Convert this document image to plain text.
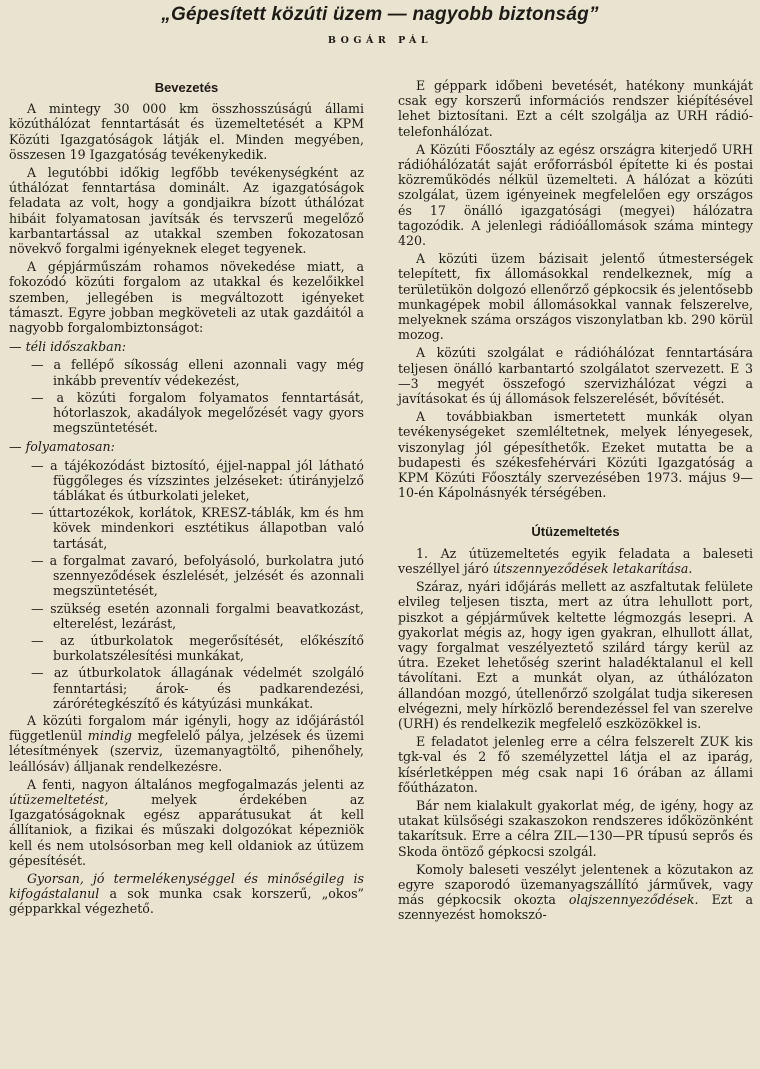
„Gépesített közúti üzem — nagyobb biztonság”
BOGÁR PÁL
Bevezetés

A mintegy 30 000 km összhosszúságú állami közúthálózat fenntartását és üzemeltetését a KPM Közúti Igazgatóságok látják el. Minden megyében, összesen 19 Igazgatóság tevékenykedik.

A legutóbbi időkig legfőbb tevékenységként az úthálózat fenntartása dominált. Az igazgatóságok feladata az volt, hogy a gondjaikra bízott úthálózat hibáit folyamatosan javítsák és tervszerű megelőző karbantartással az utakkal szemben fokozatosan növekvő forgalmi igényeknek eleget tegyenek.

A gépjárműszám rohamos növekedése miatt, a fokozódó közúti forgalom az utakkal és kezelőikkel szemben, jellegében is megváltozott igényeket támaszt. Egyre jobban megköveteli az utak gazdáitól a nagyobb forgalombiztonságot:

— téli időszakban:

— a fellépő síkosság elleni azonnali vagy még inkább preventív védekezést,

— a közúti forgalom folyamatos fenntartását, hótorlaszok, akadályok megelőzését vagy gyors megszüntetését.

— folyamatosan:

— a tájékozódást biztosító, éjjel-nappal jól látható függőleges és vízszintes jelzéseket: útirányjelző táblákat és útburkolati jeleket,

— úttartozékok, korlátok, KRESZ-táblák, km és hm kövek mindenkori esztétikus állapotban való tartását,

— a forgalmat zavaró, befolyásoló, burkolatra jutó szennyeződések észlelését, jelzését és azonnali megszüntetését,

— szükség esetén azonnali forgalmi beavatkozást, elterelést, lezárást,

— az útburkolatok megerősítését, előkészítő burkolatszélesítési munkákat,

— az útburkolatok állagának védelmét szolgáló fenntartási; árok- és padkarendezési, zárórétegkészítő és kátyúzási munkákat.

A közúti forgalom már igényli, hogy az időjárástól függetlenül mindig megfelelő pálya, jelzések és üzemi létesítmények (szerviz, üzemanyagtöltő, pihenőhely, leállósáv) álljanak rendelkezésre.

A fenti, nagyon általános megfogalmazás jelenti az útüzemeltetést,	melyek érdekében az Igazgatóságoknak egész apparátusukat át kell állítaniok, a fizikai és műszaki dolgozókat képezniök kell és nem utolsósorban meg kell oldaniok az útüzem gépesítését.

Gyorsan, jó termelékenységgel és minőségileg is kifogástalanul a sok munka csak korszerű, „okos” gépparkkal végezhető.

E géppark időbeni bevetését, hatékony munkáját csak egy korszerű információs rendszer kiépítésével lehet biztosítani. Ezt a célt szolgálja az URH rádió-telefonhálózat.

A Közúti Főosztály az egész országra kiterjedő URH rádióhálózatát saját erőforrásból építette ki és postai közreműködés nélkül üzemelteti. A hálózat a közúti szolgálat, üzem igényeinek megfelelően egy országos és 17 önálló igazgatósági (megyei) hálózatra tagozódik. A jelenlegi rádióállomások száma mintegy 420.

A közúti üzem bázisait jelentő útmesterségek telepített, fix állomásokkal rendelkeznek, míg a területükön dolgozó ellenőrző gépkocsik és jelentősebb munkagépek mobil állomásokkal vannak felszerelve, melyeknek száma országos viszonylatban kb. 290 körül mozog.

A közúti szolgálat e rádióhálózat fenntartására teljesen önálló karbantartó szolgálatot szervezett. E 3—3 megyét összefogó szervizhálózat végzi a javításokat és új állomások felszerelését, bővítését.

A továbbiakban ismertetett munkák olyan tevékenységeket szemléltetnek, melyek lényegesek, viszonylag jól gépesíthetők. Ezeket mutatta be a budapesti és székesfehérvári Közúti Igazgatóság a KPM Közúti Főosztály szervezésében 1973. május 9—10-én Kápolnásnyék térségében.

Útüzemeltetés

1. Az útüzemeltetés egyik feladata a baleseti veszéllyel járó útszennyeződések letakarítása.

Száraz, nyári időjárás mellett az aszfaltutak felülete elvileg teljesen tiszta, mert az útra lehullott port, piszkot a gépjárművek keltette légmozgás lesepri. A gyakorlat mégis az, hogy igen gyakran, elhullott állat, vagy forgalmat veszélyeztető szilárd tárgy kerül az útra. Ezeket lehetőség szerint haladéktalanul el kell távolítani. Ezt a munkát olyan, az úthálózaton állandóan mozgó, útellenőrző szolgálat tudja sikeresen elvégezni, mely hírközlő berendezéssel fel van szerelve (URH) és rendelkezik megfelelő eszközökkel is.

E feladatot jelenleg erre a célra felszerelt ZUK kis tgk-val és 2 fő személyzettel látja el az iparág, kísérletképpen még csak napi 16 órában az állami főútházaton.

Bár nem kialakult gyakorlat még, de igény, hogy az utakat külsőségi szakaszokon rendszeres időközönként takarítsuk. Erre a célra ZIL—130—PR típusú seprős és Skoda öntöző gépkocsi szolgál.

Komoly baleseti veszélyt jelentenek a közutakon az egyre szaporodó üzemanyagszállító járművek, vagy más gépkocsik okozta olajszennyeződések. Ezt a szennyezést homokszó-
